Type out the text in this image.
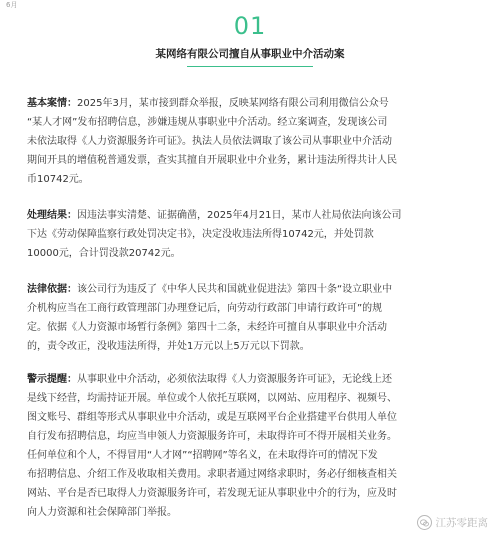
6月
01
某网络有限公司擅自从事职业中介活动案
基本案情：2025年3月，某市接到群众举报，反映某网络有限公司利用微信公众号
“某人才网”发布招聘信息，涉嫌违规从事职业中介活动。经立案调查，发现该公司
未依法取得《人力资源服务许可证》。执法人员依法调取了该公司从事职业中介活动
期间开具的增值税普通发票，查实其擅自开展职业中介业务，累计违法所得共计人民
币10742元。
处理结果：因违法事实清楚、证据确凿，2025年4月21日，某市人社局依法向该公司
下达《劳动保障监察行政处罚决定书》，决定没收违法所得10742元，并处罚款
10000元，合计罚没款20742元。
法律依据：该公司行为违反了《中华人民共和国就业促进法》第四十条“设立职业中
介机构应当在工商行政管理部门办理登记后，向劳动行政部门申请行政许可”的规
定。依据《人力资源市场暂行条例》第四十二条，未经许可擅自从事职业中介活动
的，责令改正，没收违法所得，并处1万元以上5万元以下罚款。
警示提醒：从事职业中介活动，必须依法取得《人力资源服务许可证》，无论线上还
是线下经营，均需持证开展。单位或个人依托互联网，以网站、应用程序、视频号、
图文账号、群组等形式从事职业中介活动，或是互联网平台企业搭建平台供用人单位
自行发布招聘信息，均应当申领人力资源服务许可，未取得许可不得开展相关业务。
任何单位和个人，不得冒用“人才网”“招聘网”等名义，在未取得许可的情况下发
布招聘信息、介绍工作及收取相关费用。求职者通过网络求职时，务必仔细核查相关
网站、平台是否已取得人力资源服务许可，若发现无证从事职业中介的行为，应及时
向人力资源和社会保障部门举报。
江苏零距离
